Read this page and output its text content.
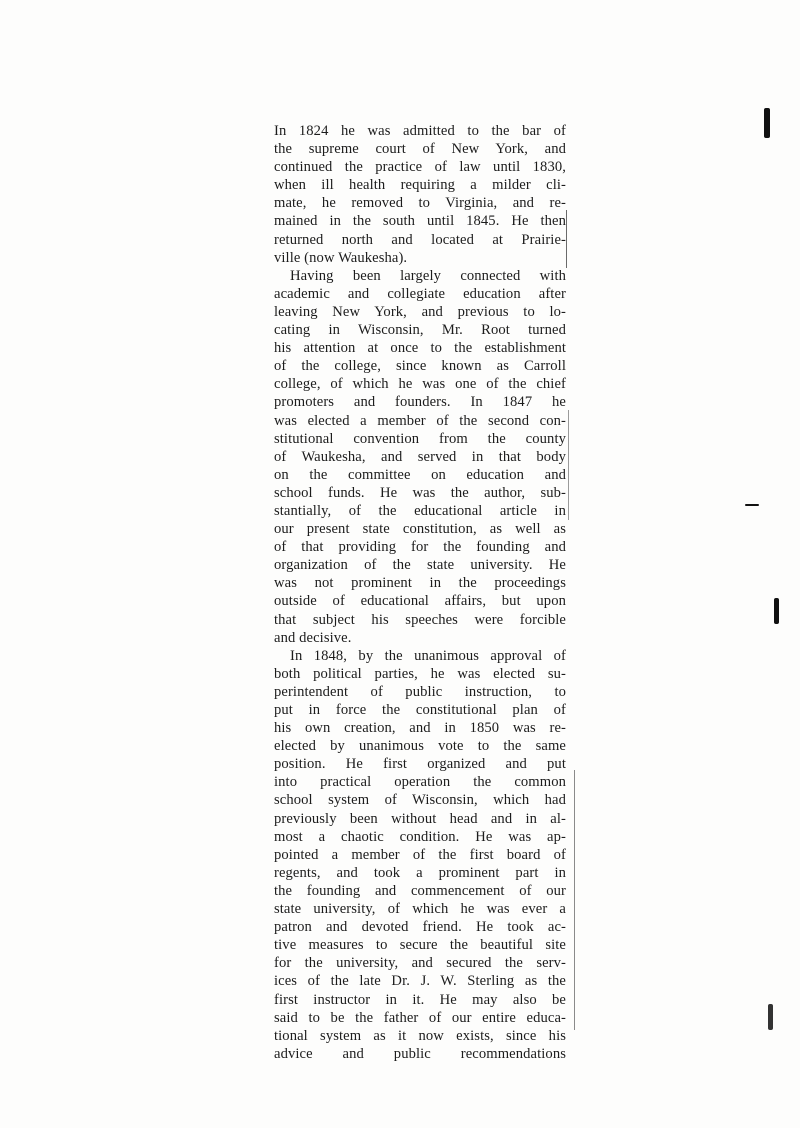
In 1824 he was admitted to the bar of
the supreme court of New York, and
continued the practice of law until 1830,
when ill health requiring a milder cli-
mate, he removed to Virginia, and re-
mained in the south until 1845. He then
returned north and located at Prairie-
ville (now Waukesha).
Having been largely connected with
academic and collegiate education after
leaving New York, and previous to lo-
cating in Wisconsin, Mr. Root turned
his attention at once to the establishment
of the college, since known as Carroll
college, of which he was one of the chief
promoters and founders. In 1847 he
was elected a member of the second con-
stitutional convention from the county
of Waukesha, and served in that body
on the committee on education and
school funds. He was the author, sub-
stantially, of the educational article in
our present state constitution, as well as
of that providing for the founding and
organization of the state university. He
was not prominent in the proceedings
outside of educational affairs, but upon
that subject his speeches were forcible
and decisive.
In 1848, by the unanimous approval of
both political parties, he was elected su-
perintendent of public instruction, to
put in force the constitutional plan of
his own creation, and in 1850 was re-
elected by unanimous vote to the same
position. He first organized and put
into practical operation the common
school system of Wisconsin, which had
previously been without head and in al-
most a chaotic condition. He was ap-
pointed a member of the first board of
regents, and took a prominent part in
the founding and commencement of our
state university, of which he was ever a
patron and devoted friend. He took ac-
tive measures to secure the beautiful site
for the university, and secured the serv-
ices of the late Dr. J. W. Sterling as the
first instructor in it. He may also be
said to be the father of our entire educa-
tional system as it now exists, since his
advice and public recommendations
